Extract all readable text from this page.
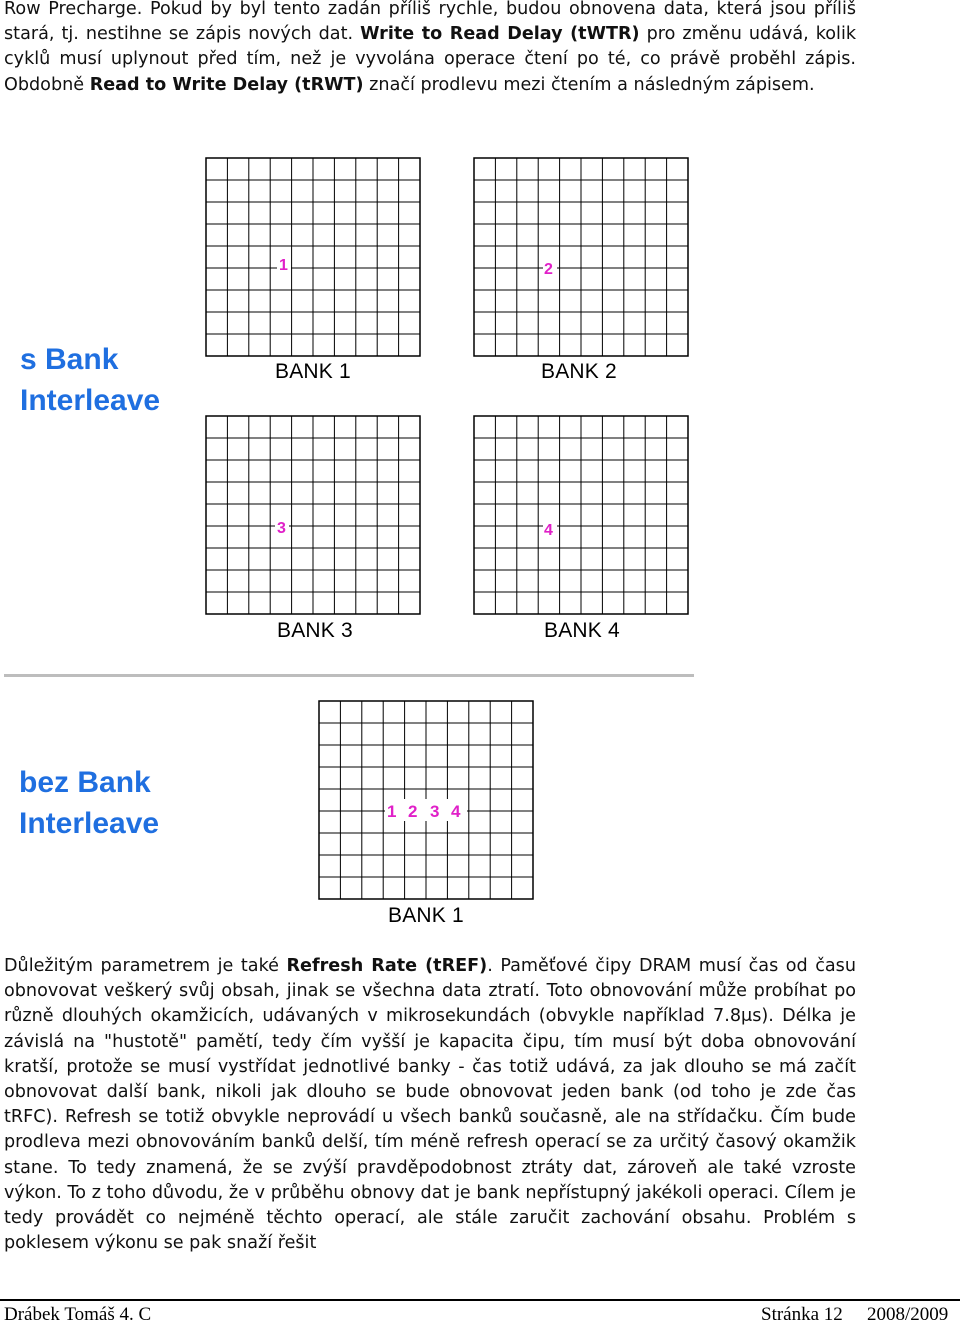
Row Precharge. Pokud by byl tento zadán příliš rychle, budou obnovena data, která jsou příliš stará, tj. nestihne se zápis nových dat. Write to Read Delay (tWTR) pro změnu udává, kolik cyklů musí uplynout před tím, než je vyvolána operace čtení po té, co právě proběhl zápis. Obdobně Read to Write Delay (tRWT) značí prodlevu mezi čtením a následným zápisem.

s Bank
Interleave
1
BANK 1
2
BANK 2
3
BANK 3
4
BANK 4
bez Bank
Interleave	1 2 3 4
BANK 1

Důležitým parametrem je také Refresh Rate (tREF). Paměťové čipy DRAM musí čas od času obnovovat veškerý svůj obsah, jinak se všechna data ztratí. Toto obnovování může probíhat po různě dlouhých okamžicích, udávaných v mikrosekundách (obvykle například 7.8μs). Délka je závislá na "hustotě" pamětí, tedy čím vyšší je kapacita čipu, tím musí být doba obnovování kratší, protože se musí vystřídat jednotlivé banky - čas totiž udává, za jak dlouho se má začít obnovovat další bank, nikoli jak dlouho se bude obnovovat jeden bank (od toho je zde čas tRFC). Refresh se totiž obvykle neprovádí u všech banků současně, ale na střídačku. Čím bude prodleva mezi obnovováním banků delší, tím méně refresh operací se za určitý časový okamžik stane. To tedy znamená, že se zvýší pravděpodobnost ztráty dat, zároveň ale také vzroste výkon. To z toho důvodu, že v průběhu obnovy dat je bank nepřístupný jakékoli operaci. Cílem je tedy provádět co nejméně těchto operací, ale stále zaručit zachování obsahu. Problém s poklesem výkonu se pak snaží řešit

Drábek Tomáš 4. C	Stránka 12 2008/2009
